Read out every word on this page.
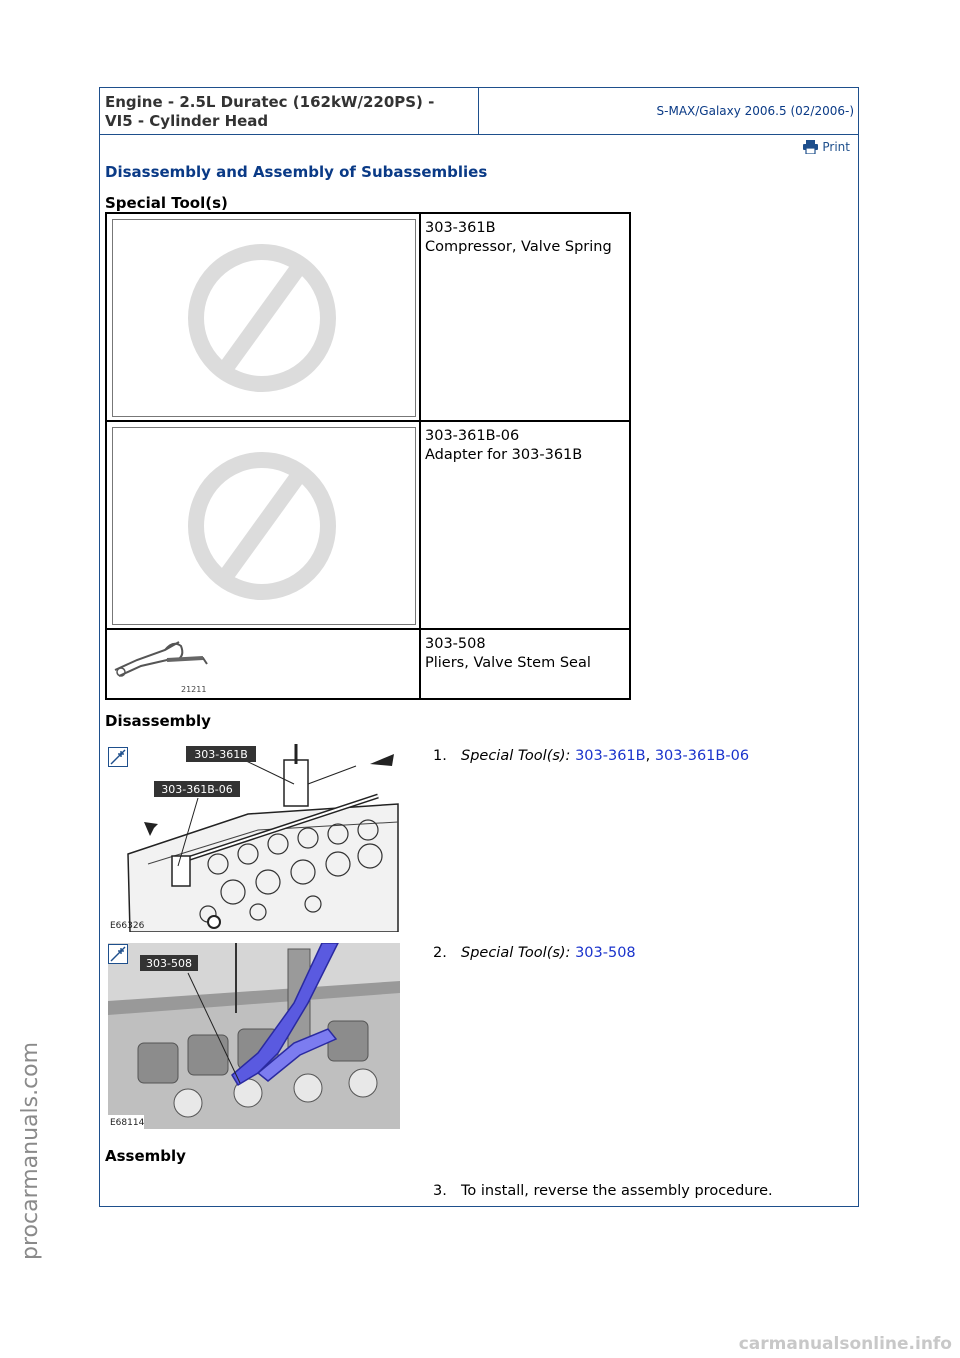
Engine - 2.5L Duratec (162kW/220PS) -
VI5 - Cylinder Head
S-MAX/Galaxy 2006.5 (02/2006-)
Print
Disassembly and Assembly of Subassemblies
Special Tool(s)
303-361B
Compressor, Valve Spring
303-361B-06
Adapter for 303-361B
21211
303-508
Pliers, Valve Stem Seal
Disassembly
303-361B
303-361B-06
E66326
1. Special Tool(s): 303-361B, 303-361B-06
303-508
E68114
2. Special Tool(s): 303-508
Assembly
3. To install, reverse the assembly procedure.
procarmanuals.com
carmanualsonline.info
